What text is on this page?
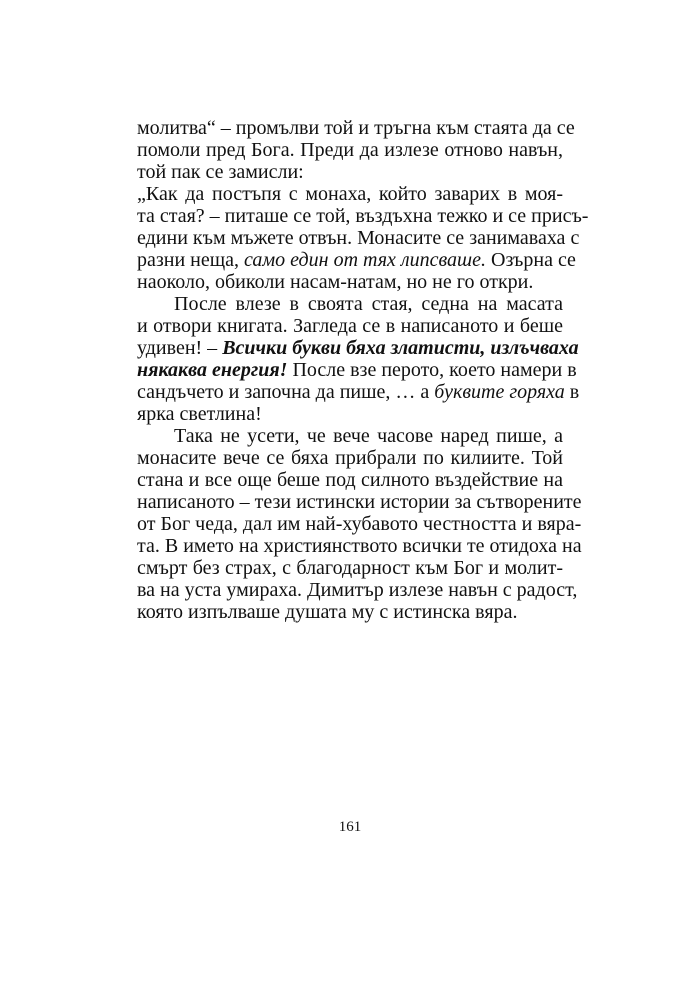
молитва“ – промълви той и тръгна към стаята да се
помоли пред Бога. Преди да излезе отново навън,
той пак се замисли:
„Как да постъпя с монаха, който заварих в моя-
та стая? – питаше се той, въздъхна тежко и се присъ-
едини към мъжете отвън. Монасите се занимаваха с
разни неща, само един от тях липсваше. Озърна се
наоколо, обиколи насам-натам, но не го откри.
После влезе в своята стая, седна на масата
и отвори книгата. Загледа се в написаното и беше
удивен! – Всички букви бяха златисти, излъчваха
някаква енергия! После взе перото, което намери в
сандъчето и започна да пише, … а буквите горяха в
ярка светлина!
Така не усети, че вече часове наред пише, а
монасите вече се бяха прибрали по килиите. Той
стана и все още беше под силното въздействие на
написаното – тези истински истории за сътворените
от Бог чеда, дал им най-хубавото честността и вяра-
та. В името на християнството всички те отидоха на
смърт без страх, с благодарност към Бог и молит-
ва на уста умираха. Димитър излезе навън с радост,
която изпълваше душата му с истинска вяра.
161
